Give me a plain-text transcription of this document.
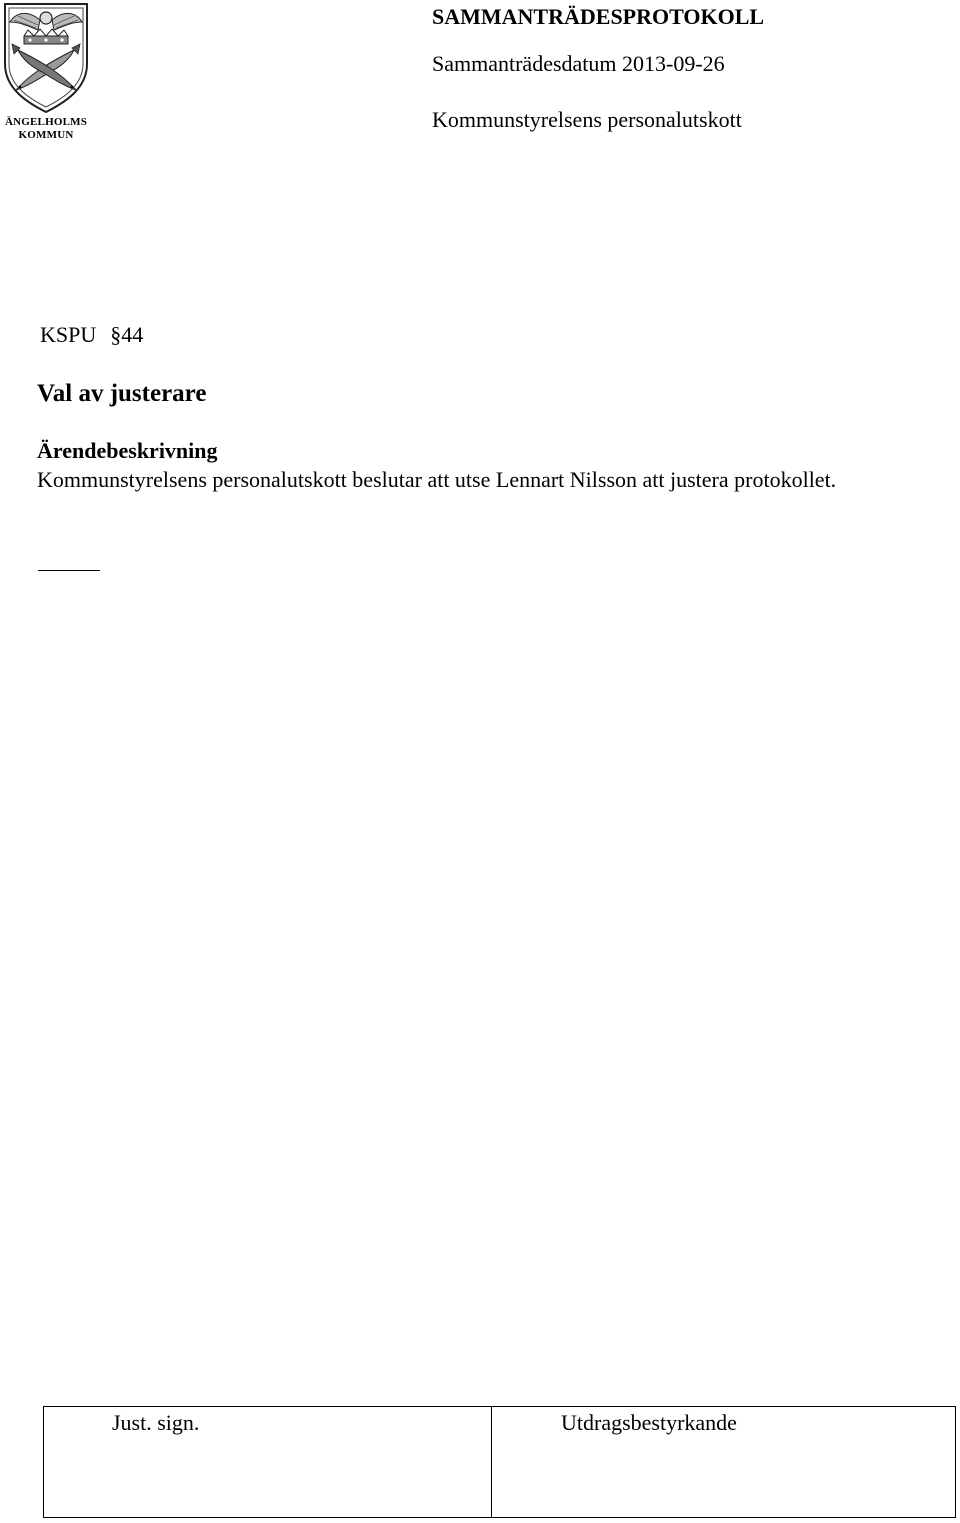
ÄNGELHOLMS
KOMMUN
SAMMANTRÄDESPROTOKOLL
Sammanträdesdatum 2013-09-26
Kommunstyrelsens personalutskott
KSPU §44
Val av justerare
Ärendebeskrivning
Kommunstyrelsens personalutskott beslutar att utse Lennart Nilsson att justera protokollet.
Just. sign.	Utdragsbestyrkande
